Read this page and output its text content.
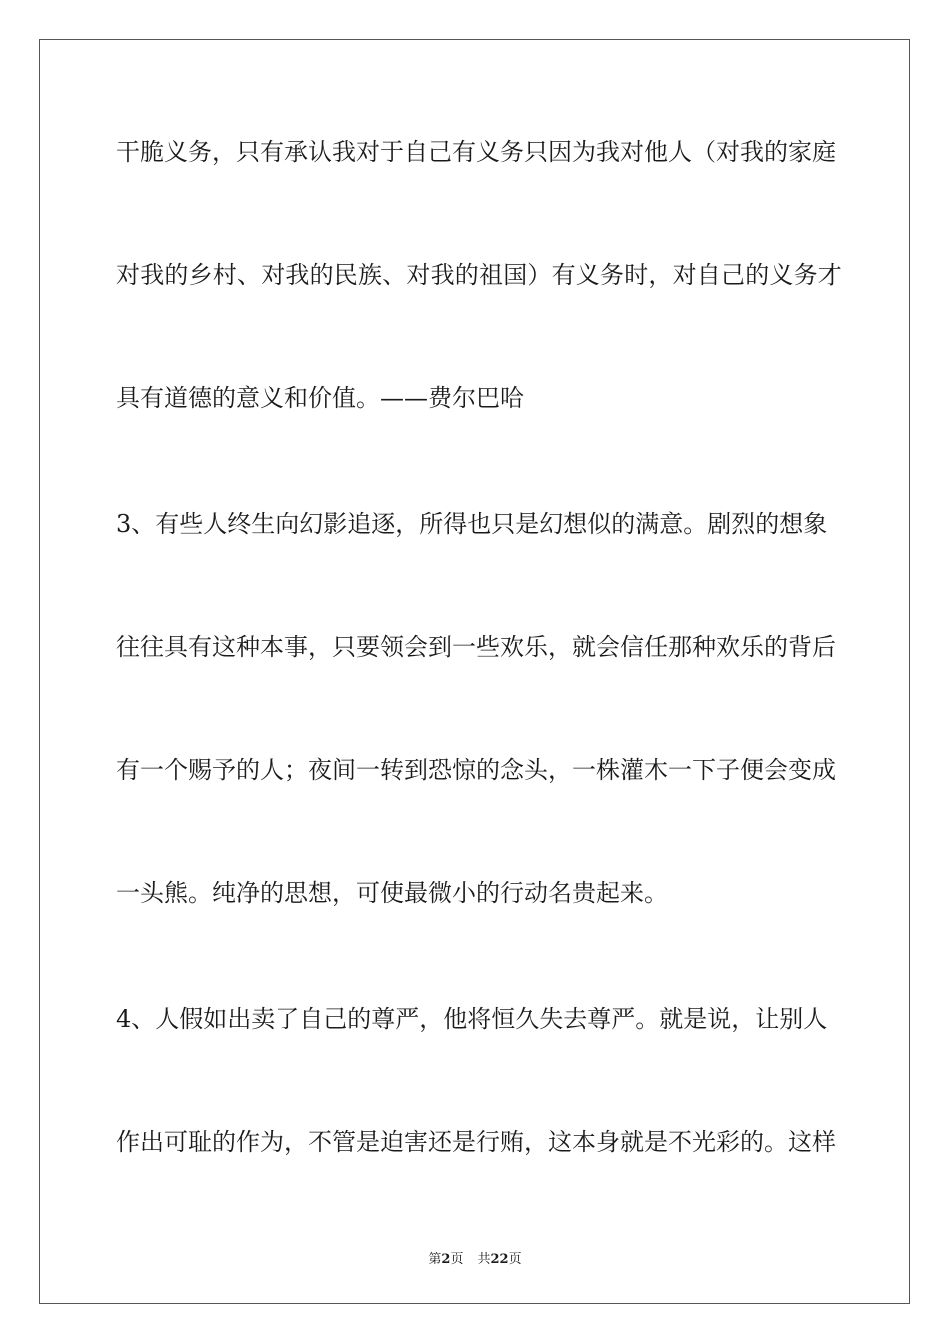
干脆义务，只有承认我对于自己有义务只因为我对他人（对我的家庭
对我的乡村、对我的民族、对我的祖国）有义务时，对自己的义务才
具有道德的意义和价值。——费尔巴哈
3、有些人终生向幻影追逐，所得也只是幻想似的满意。剧烈的想象
往往具有这种本事，只要领会到一些欢乐，就会信任那种欢乐的背后
有一个赐予的人；夜间一转到恐惊的念头，一株灌木一下子便会变成
一头熊。纯净的思想，可使最微小的行动名贵起来。
4、人假如出卖了自己的尊严，他将恒久失去尊严。就是说，让别人
作出可耻的作为，不管是迫害还是行贿，这本身就是不光彩的。这样
第2页 共22页
